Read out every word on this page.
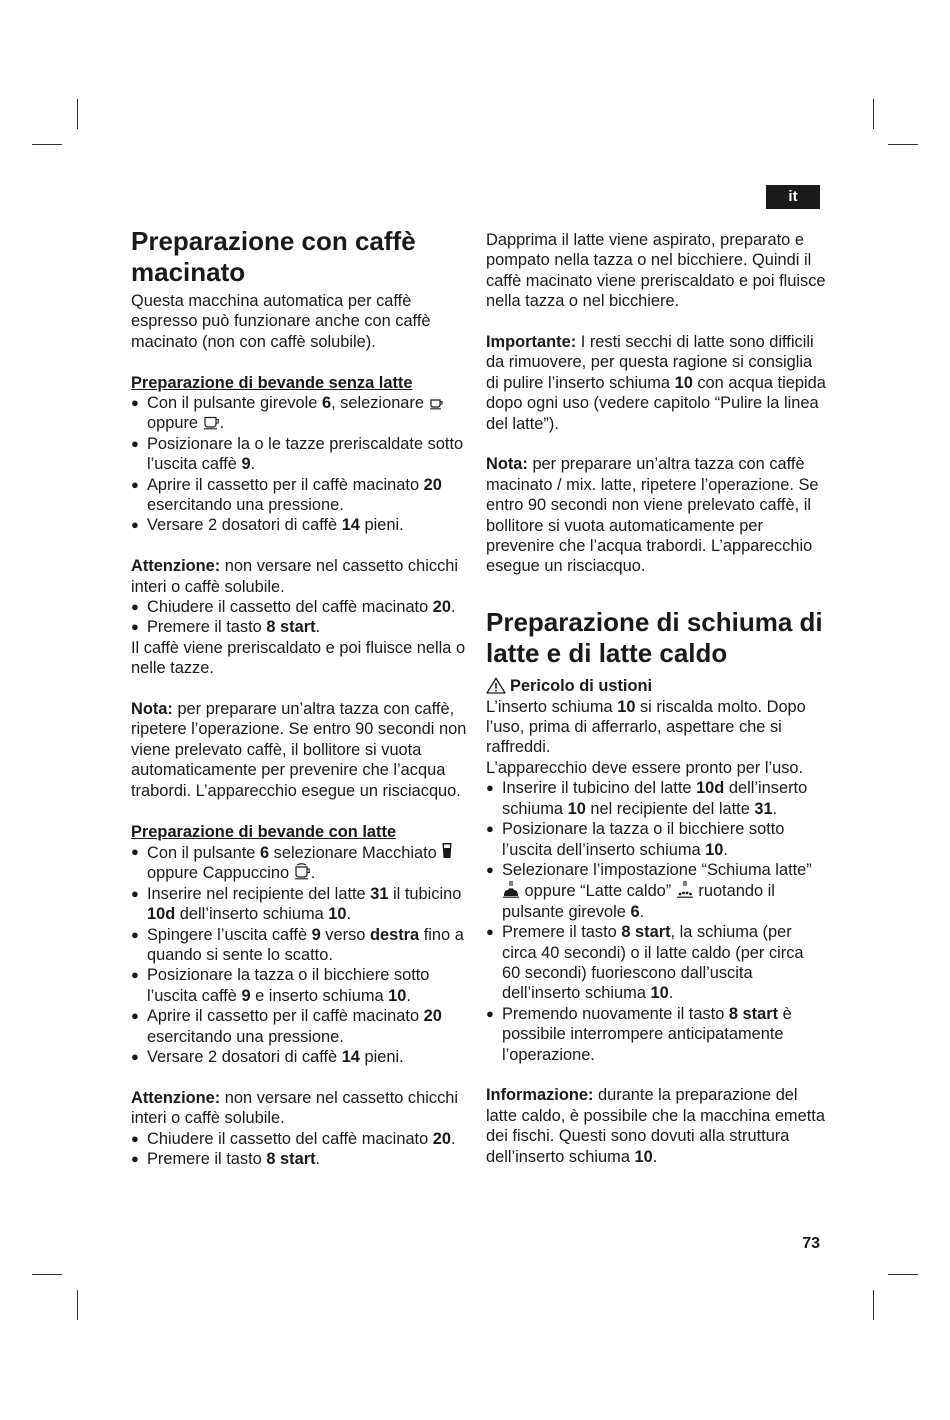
it
Preparazione con caffè macinato

Questa macchina automatica per caffè espresso può funzionare anche con caffè macinato (non con caffè solubile).

Preparazione di bevande senza latte

● Con il pulsante girevole 6, selezionare  oppure .
● Posizionare la o le tazze preriscaldate sotto l’uscita caffè 9.
● Aprire il cassetto per il caffè macinato 20 esercitando una pressione.
● Versare 2 dosatori di caffè 14 pieni.

Attenzione: non versare nel cassetto chicchi interi o caffè solubile.

● Chiudere il cassetto del caffè macinato 20.
● Premere il tasto 8 start.

Il caffè viene preriscaldato e poi fluisce nella o nelle tazze.

Nota: per preparare un’altra tazza con caffè, ripetere l’operazione. Se entro 90 secondi non viene prelevato caffè, il bollitore si vuota automaticamente per prevenire che l’acqua trabordi. L’apparecchio esegue un risciacquo.

Preparazione di bevande con latte

● Con il pulsante 6 selezionare Macchiato  oppure Cappuccino .
● Inserire nel recipiente del latte 31 il tubicino 10d dell’inserto schiuma 10.
● Spingere l’uscita caffè 9 verso destra fino a quando si sente lo scatto.
● Posizionare la tazza o il bicchiere sotto l’uscita caffè 9 e inserto schiuma 10.
● Aprire il cassetto per il caffè macinato 20 esercitando una pressione.
● Versare 2 dosatori di caffè 14 pieni.

Attenzione: non versare nel cassetto chicchi interi o caffè solubile.

● Chiudere il cassetto del caffè macinato 20.
● Premere il tasto 8 start.

Dapprima il latte viene aspirato, preparato e pompato nella tazza o nel bicchiere. Quindi il caffè macinato viene preriscaldato e poi fluisce nella tazza o nel bicchiere.

Importante: I resti secchi di latte sono difficili da rimuovere, per questa ragione si consiglia di pulire l’inserto schiuma 10 con acqua tiepida dopo ogni uso (vedere capitolo “Pulire la linea del latte”).

Nota: per preparare un’altra tazza con caffè macinato / mix. latte, ripetere l’operazione. Se entro 90 secondi non viene prelevato caffè, il bollitore si vuota automaticamente per prevenire che l’acqua trabordi. L’apparecchio esegue un risciacquo.

Preparazione di schiuma di latte e di latte caldo

Pericolo di ustioni

L’inserto schiuma 10 si riscalda molto. Dopo l’uso, prima di afferrarlo, aspettare che si raffreddi.

L’apparecchio deve essere pronto per l’uso.

● Inserire il tubicino del latte 10d dell’inserto schiuma 10 nel recipiente del latte 31.
● Posizionare la tazza o il bicchiere sotto l’uscita dell’inserto schiuma 10.
● Selezionare l’impostazione “Schiuma latte”  oppure “Latte caldo”  ruotando il pulsante girevole 6.
● Premere il tasto 8 start, la schiuma (per circa 40 secondi) o il latte caldo (per circa 60 secondi) fuoriescono dall’uscita dell’inserto schiuma 10.
● Premendo nuovamente il tasto 8 start è possibile interrompere anticipatamente l’operazione.

Informazione: durante la preparazione del latte caldo, è possibile che la macchina emetta dei fischi. Questi sono dovuti alla struttura dell’inserto schiuma 10.

73
